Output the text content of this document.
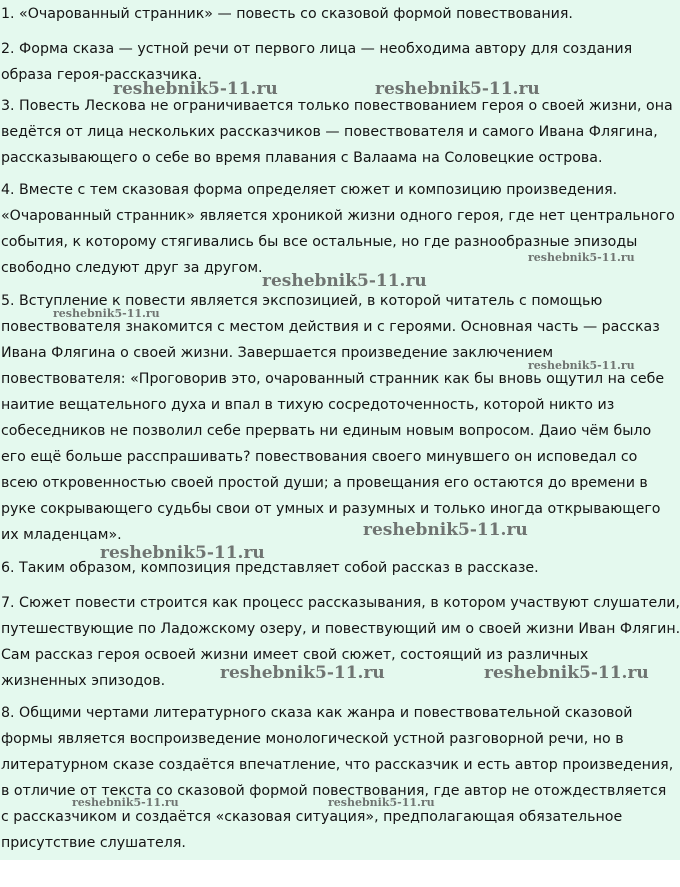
1. «Очарованный странник» — повесть со сказовой формой повествования.

2. Форма сказа — устной речи от первого лица — необходима автору для создания
образа героя-рассказчика.

3. Повесть Лескова не ограничивается только повествованием героя о своей жизни, она
ведётся от лица нескольких рассказчиков — повествователя и самого Ивана Флягина,
рассказывающего о себе во время плавания с Валаама на Соловецкие острова.

4. Вместе с тем сказовая форма определяет сюжет и композицию произведения.
«Очарованный странник» является хроникой жизни одного героя, где нет центрального
события, к которому стягивались бы все остальные, но где разнообразные эпизоды
свободно следуют друг за другом.

5. Вступление к повести является экспозицией, в которой читатель с помощью
повествователя знакомится с местом действия и с героями. Основная часть — рассказ
Ивана Флягина о своей жизни. Завершается произведение заключением
повествователя: «Проговорив это, очарованный странник как бы вновь ощутил на себе
наитие вещательного духа и впал в тихую сосредоточенность, которой никто из
собеседников не позволил себе прервать ни единым новым вопросом. Даио чём было
его ещё больше расспрашивать? повествования своего минувшего он исповедал со
всею откровенностью своей простой души; а провещания его остаются до времени в
руке сокрывающего судьбы свои от умных и разумных и только иногда открывающего
их младенцам».

6. Таким образом, композиция представляет собой рассказ в рассказе.

7. Сюжет повести строится как процесс рассказывания, в котором участвуют слушатели,
путешествующие по Ладожскому озеру, и повествующий им о своей жизни Иван Флягин.
Сам рассказ героя освоей жизни имеет свой сюжет, состоящий из различных
жизненных эпизодов.

8. Общими чертами литературного сказа как жанра и повествовательной сказовой
формы является воспроизведение монологической устной разговорной речи, но в
литературном сказе создаётся впечатление, что рассказчик и есть автор произведения,
в отличие от текста со сказовой формой повествования, где автор не отождествляется
с рассказчиком и создаётся «сказовая ситуация», предполагающая обязательное
присутствие слушателя.

reshebnik5-11.ru	reshebnik5-11.ru
reshebnik5-11.ru
reshebnik5-11.ru
reshebnik5-11.ru
reshebnik5-11.ru
reshebnik5-11.ru
reshebnik5-11.ru
reshebnik5-11.ru	reshebnik5-11.ru
reshebnik5-11.ru	reshebnik5-11.ru
